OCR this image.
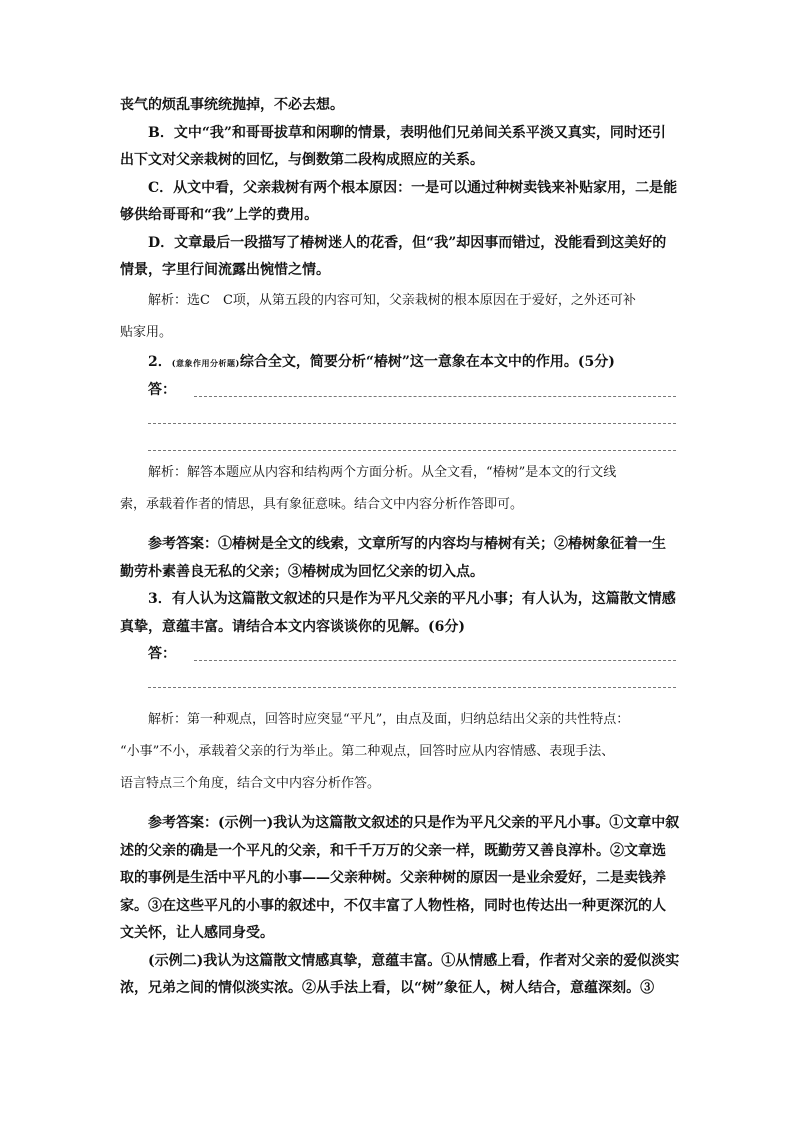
丧气的烦乱事统统抛掉，不必去想。
B．文中“我”和哥哥拔草和闲聊的情景，表明他们兄弟间关系平淡又真实，同时还引
出下文对父亲栽树的回忆，与倒数第二段构成照应的关系。
C．从文中看，父亲栽树有两个根本原因：一是可以通过种树卖钱来补贴家用，二是能
够供给哥哥和“我”上学的费用。
D．文章最后一段描写了椿树迷人的花香，但“我”却因事而错过，没能看到这美好的
情景，字里行间流露出惋惜之情。
解析：选C　C项，从第五段的内容可知，父亲栽树的根本原因在于爱好，之外还可补
贴家用。
2．(意象作用分析题)综合全文，简要分析“椿树”这一意象在本文中的作用。(5分)
答：
解析：解答本题应从内容和结构两个方面分析。从全文看，“椿树”是本文的行文线
索，承载着作者的情思，具有象征意味。结合文中内容分析作答即可。
参考答案：①椿树是全文的线索，文章所写的内容均与椿树有关；②椿树象征着一生
勤劳朴素善良无私的父亲；③椿树成为回忆父亲的切入点。
3．有人认为这篇散文叙述的只是作为平凡父亲的平凡小事；有人认为，这篇散文情感
真挚，意蕴丰富。请结合本文内容谈谈你的见解。(6分)
答：
解析：第一种观点，回答时应突显“平凡”，由点及面，归纳总结出父亲的共性特点：
“小事”不小，承载着父亲的行为举止。第二种观点，回答时应从内容情感、表现手法、
语言特点三个角度，结合文中内容分析作答。
参考答案：(示例一)我认为这篇散文叙述的只是作为平凡父亲的平凡小事。①文章中叙
述的父亲的确是一个平凡的父亲，和千千万万的父亲一样，既勤劳又善良淳朴。②文章选
取的事例是生活中平凡的小事——父亲种树。父亲种树的原因一是业余爱好，二是卖钱养
家。③在这些平凡的小事的叙述中，不仅丰富了人物性格，同时也传达出一种更深沉的人
文关怀，让人感同身受。
(示例二)我认为这篇散文情感真挚，意蕴丰富。①从情感上看，作者对父亲的爱似淡实
浓，兄弟之间的情似淡实浓。②从手法上看，以“树”象征人，树人结合，意蕴深刻。③
